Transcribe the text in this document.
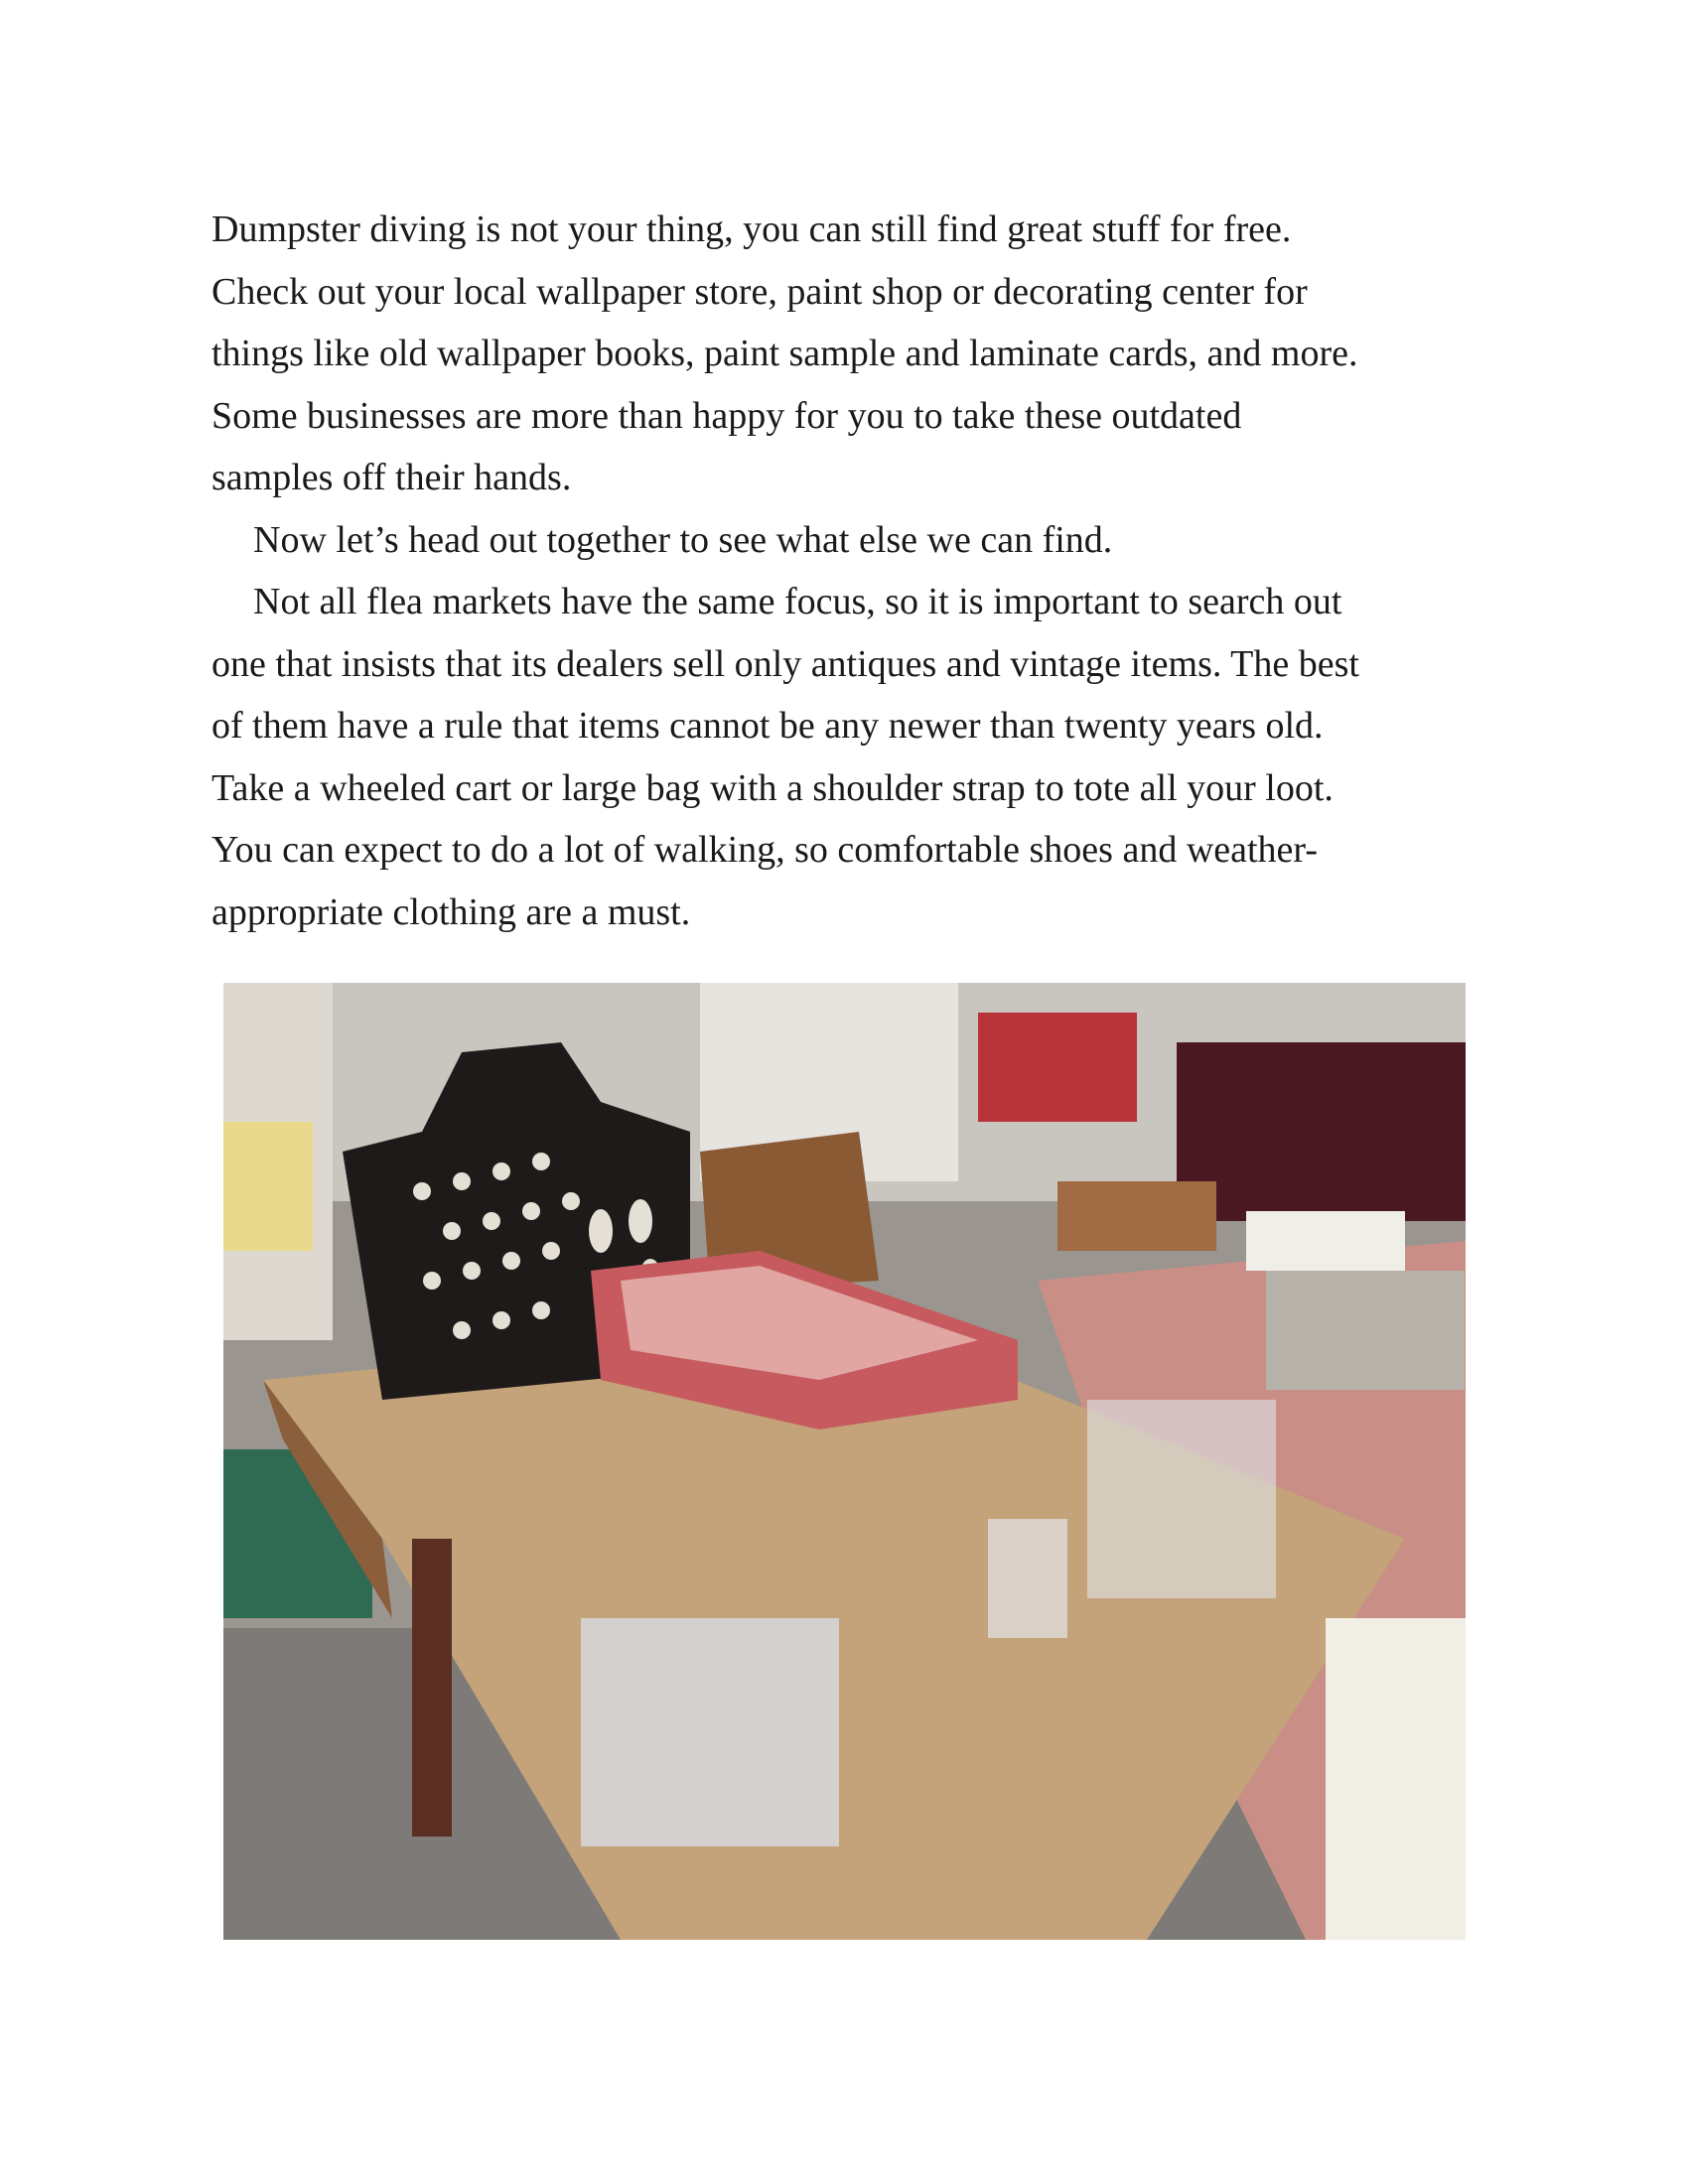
Dumpster diving is not your thing, you can still find great stuff for free.
Check out your local wallpaper store, paint shop or decorating center for
things like old wallpaper books, paint sample and laminate cards, and more.
Some businesses are more than happy for you to take these outdated
samples off their hands.
Now let’s head out together to see what else we can find.
Not all flea markets have the same focus, so it is important to search out
one that insists that its dealers sell only antiques and vintage items. The best
of them have a rule that items cannot be any newer than twenty years old.
Take a wheeled cart or large bag with a shoulder strap to tote all your loot.
You can expect to do a lot of walking, so comfortable shoes and weather-
appropriate clothing are a must.
